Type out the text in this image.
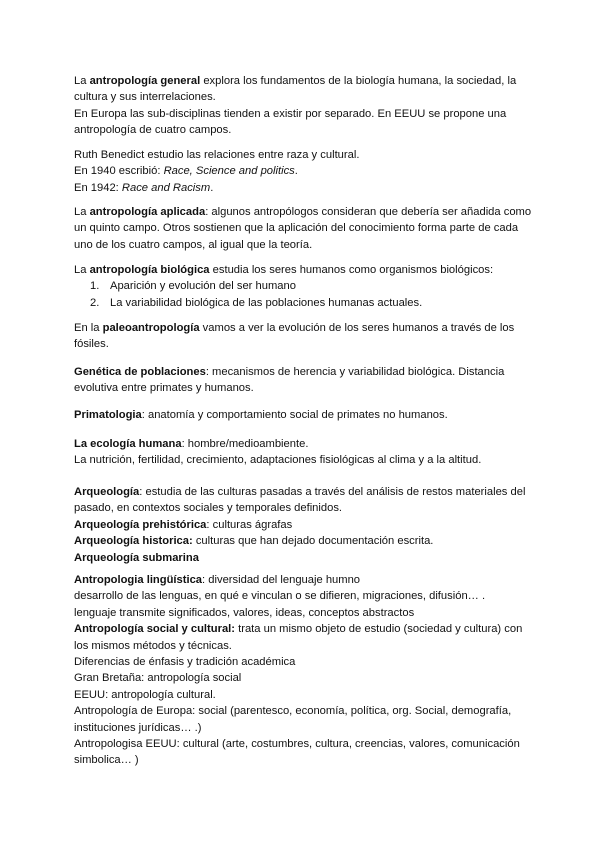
La antropología general explora los fundamentos de la biología humana, la sociedad, la cultura y sus interrelaciones.

En Europa las sub-disciplinas tienden a existir por separado. En EEUU se propone una antropología de cuatro campos.

Ruth Benedict estudio las relaciones entre raza y cultural.

En 1940 escribió: Race, Science and politics.

En 1942: Race and Racism.

La antropología aplicada: algunos antropólogos consideran que debería ser añadida como un quinto campo. Otros sostienen que la aplicación del conocimiento forma parte de cada uno de los cuatro campos, al igual que la teoría.

La antropología biológica estudia los seres humanos como organismos biológicos:

1. Aparición y evolución del ser humano
2. La variabilidad biológica de las poblaciones humanas actuales.

En la paleoantropología vamos a ver la evolución de los seres humanos a través de los fósiles.

Genética de poblaciones: mecanismos de herencia y variabilidad biológica. Distancia evolutiva entre primates y humanos.

Primatologia: anatomía y comportamiento social de primates no humanos.

La ecología humana: hombre/medioambiente.

La nutrición, fertilidad, crecimiento, adaptaciones fisiológicas al clima y a la altitud.

Arqueología: estudia de las culturas pasadas a través del análisis de restos materiales del pasado, en contextos sociales y temporales definidos.

Arqueología prehistórica: culturas ágrafas

Arqueología historica: culturas que han dejado documentación escrita.

Arqueología submarina

Antropologia lingüística: diversidad del lenguaje humno

desarrollo de las lenguas, en qué e vinculan o se difieren, migraciones, difusión… .

lenguaje transmite significados, valores, ideas, conceptos abstractos

Antropología social y cultural: trata un mismo objeto de estudio (sociedad y cultura) con los mismos métodos y técnicas.

Diferencias de énfasis y tradición académica

Gran Bretaña: antropología social

EEUU: antropología cultural.

Antropología de Europa: social (parentesco, economía, política, org. Social, demografía, instituciones jurídicas… .)

Antropologisa EEUU: cultural (arte, costumbres, cultura, creencias, valores, comunicación simbolica… )
